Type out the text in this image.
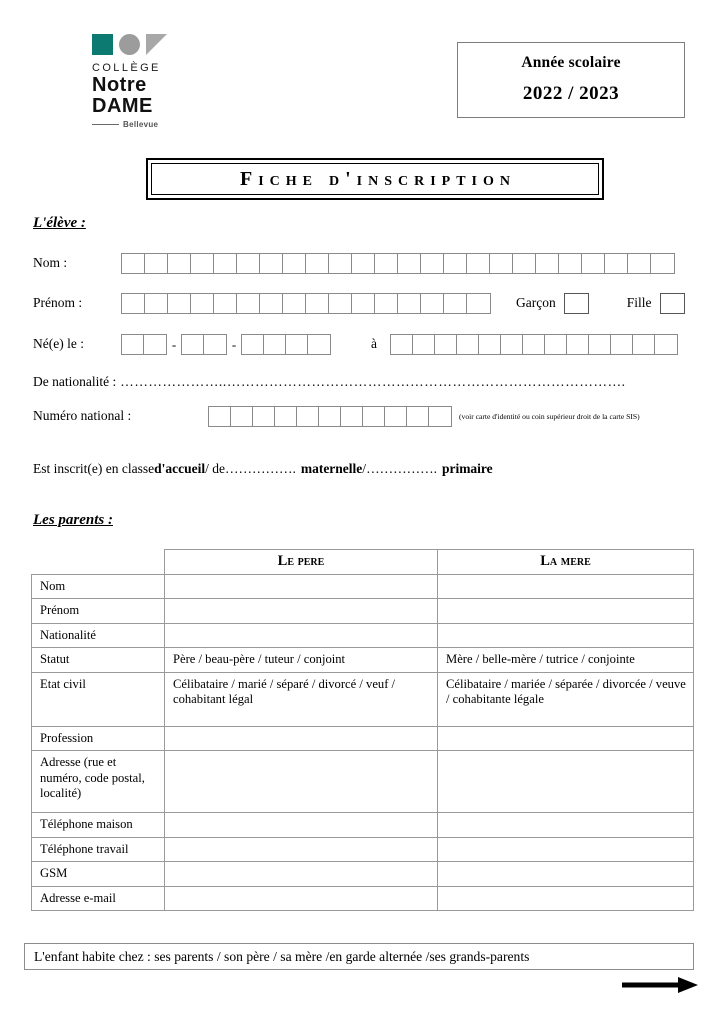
COLLÈGE
Notre
DAME
Bellevue
Année scolaire
2022 / 2023
Fiche d'inscription
L'élève :
Nom :
Prénom :	Garçon	Fille
Né(e) le :	-	-	à
De nationalité : …………………..………………………………………………………………………….
Numéro national :	(voir carte d'identité ou coin supérieur droit de la carte SIS)
Est inscrit(e) en classe d'accueil / de ……………. maternelle / ……………. primaire
Les parents :
	Le pere	La mere
Nom		
Prénom		
Nationalité		
Statut	Père / beau-père / tuteur / conjoint	Mère / belle-mère / tutrice / conjointe
Etat civil	Célibataire / marié / séparé / divorcé / veuf / cohabitant légal	Célibataire / mariée / séparée / divorcée / veuve / cohabitante légale
Profession		
Adresse (rue et numéro, code postal, localité)		
Téléphone maison		
Téléphone travail		
GSM		
Adresse e-mail		
L'enfant habite chez : ses parents / son père / sa mère /en garde alternée /ses grands-parents
